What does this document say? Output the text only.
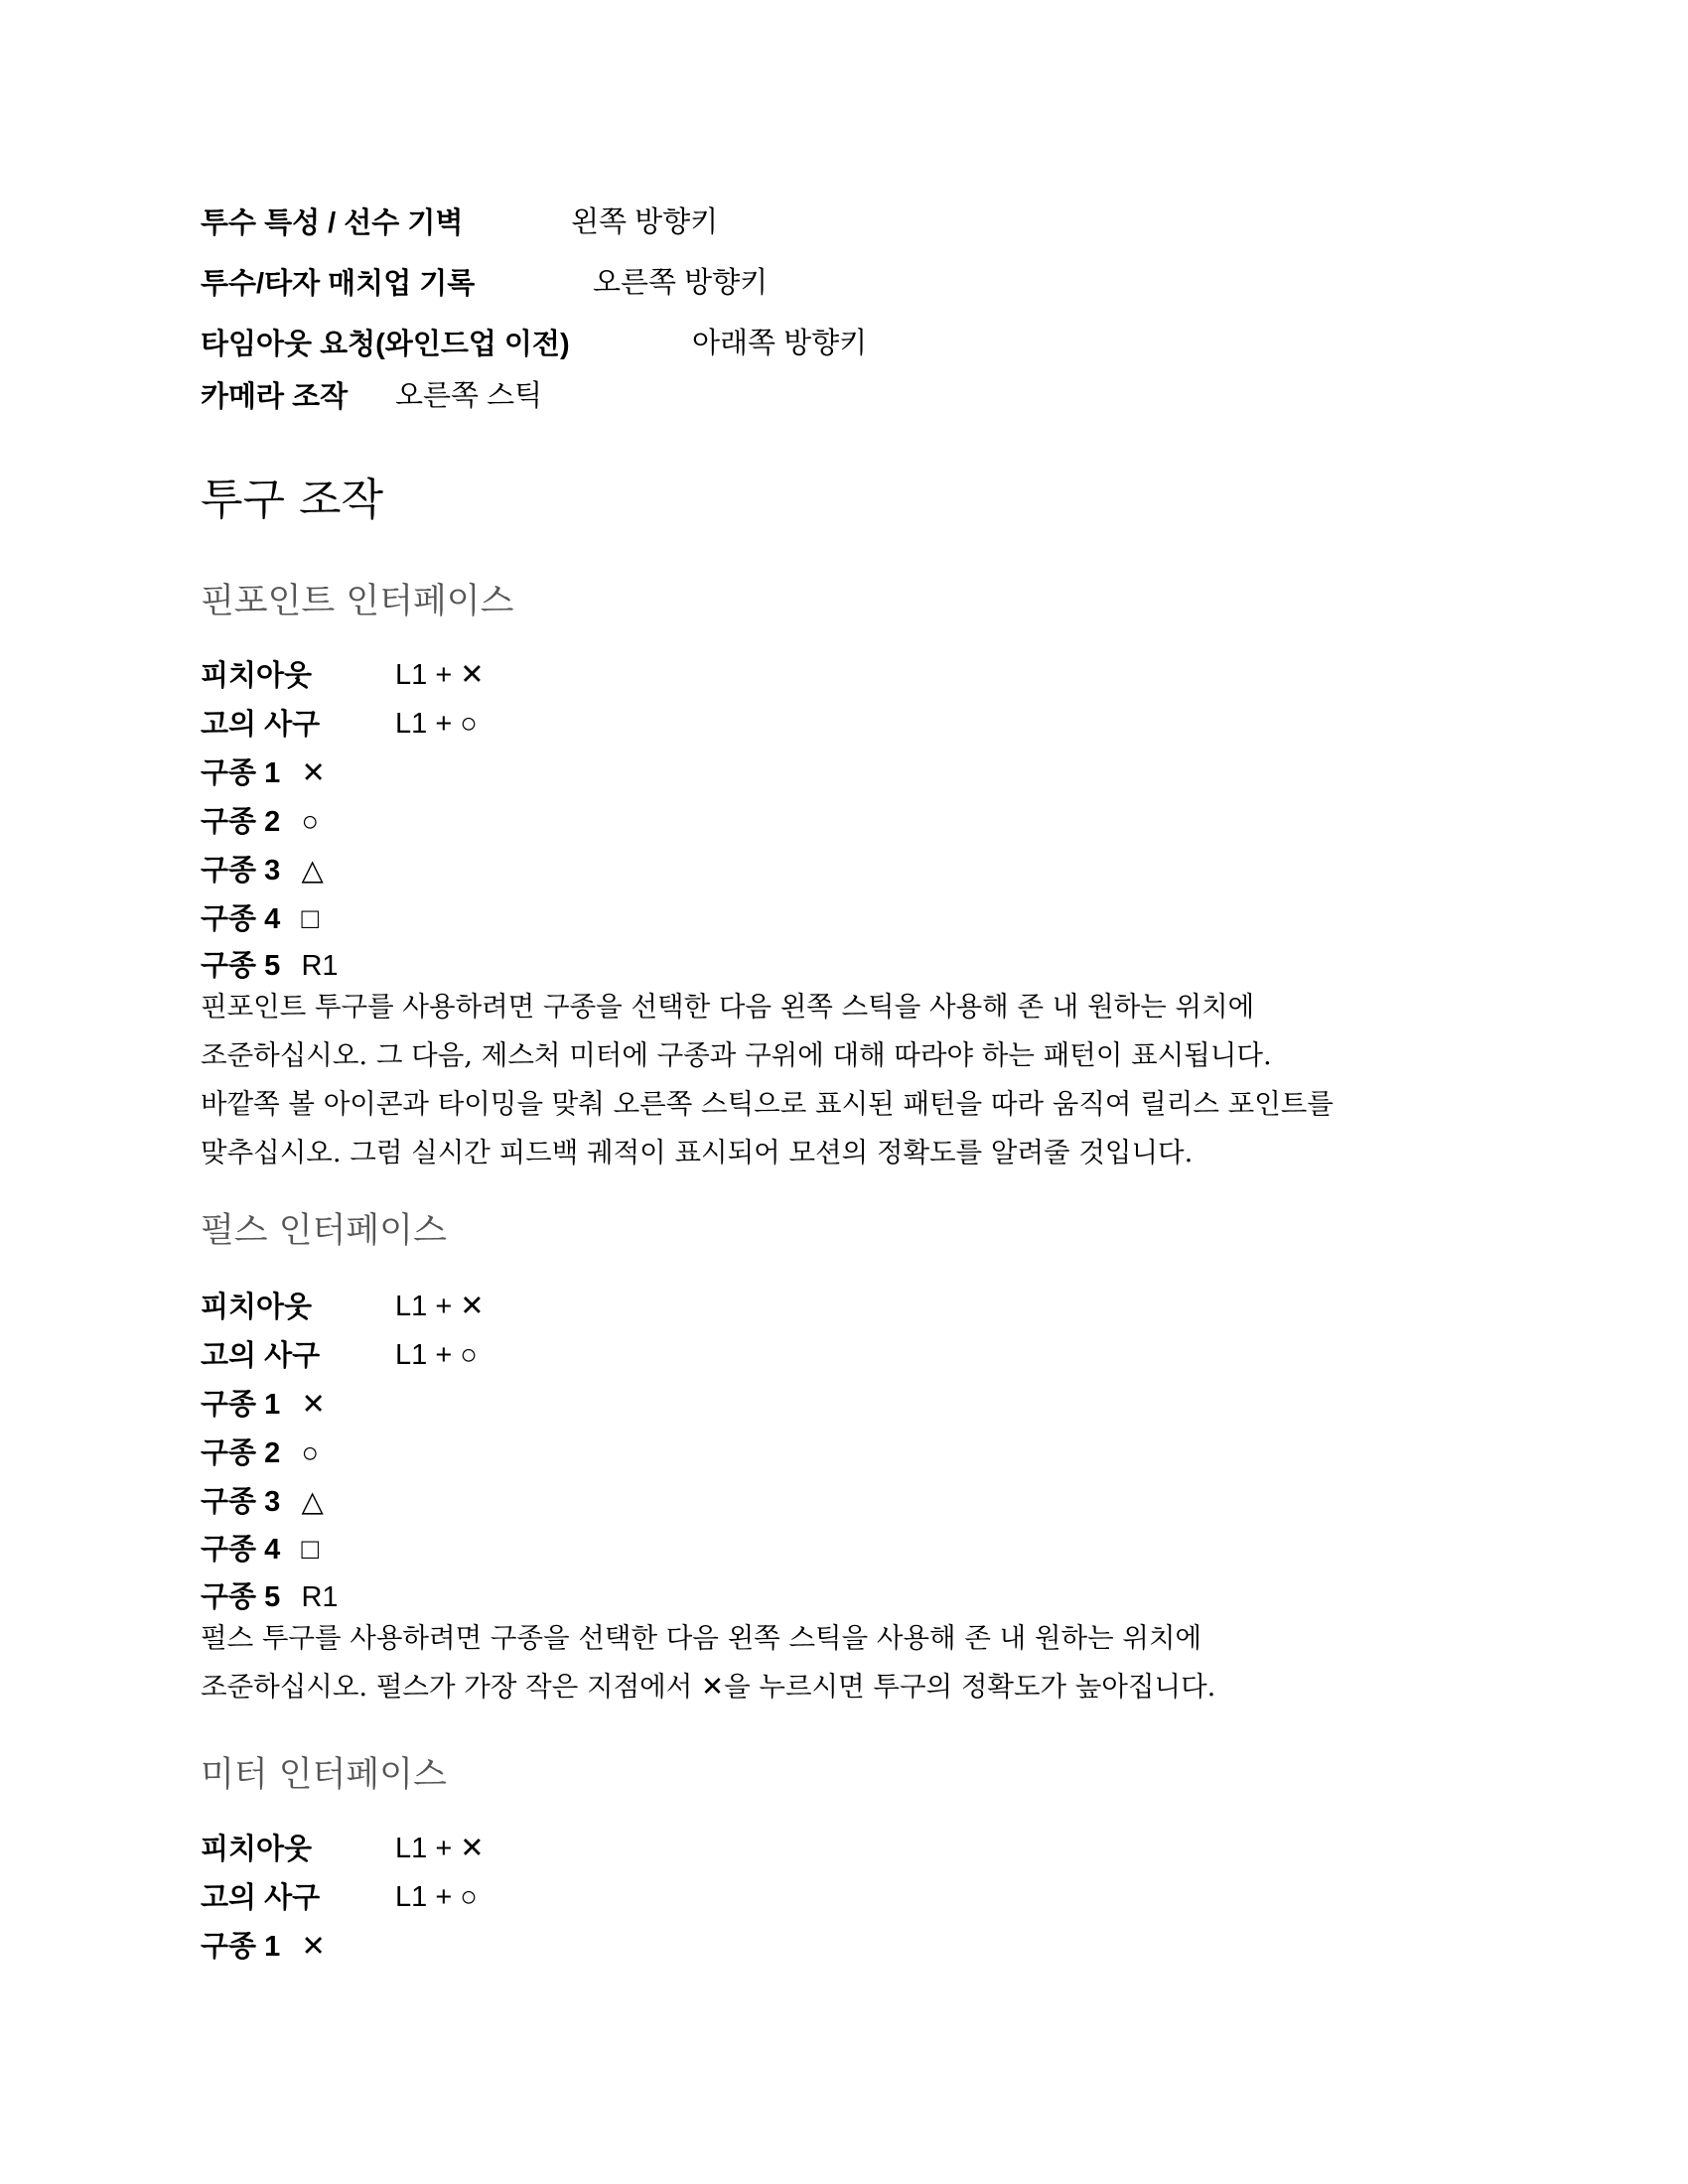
투수 특성 / 선수 기벽	왼쪽 방향키
투수/타자 매치업 기록	오른쪽 방향키
타임아웃 요청(와인드업 이전)	아래쪽 방향키
카메라 조작 오른쪽 스틱
투구 조작
핀포인트 인터페이스
피치아웃	L1 + ✕
고의 사구	L1 + ○
구종 1 ✕
구종 2 ○
구종 3 △
구종 4 □
구종 5 R1
핀포인트 투구를 사용하려면 구종을 선택한 다음 왼쪽 스틱을 사용해 존 내 원하는 위치에
조준하십시오. 그 다음, 제스처 미터에 구종과 구위에 대해 따라야 하는 패턴이 표시됩니다.
바깥쪽 볼 아이콘과 타이밍을 맞춰 오른쪽 스틱으로 표시된 패턴을 따라 움직여 릴리스 포인트를
맞추십시오. 그럼 실시간 피드백 궤적이 표시되어 모션의 정확도를 알려줄 것입니다.
펄스 인터페이스
피치아웃	L1 + ✕
고의 사구	L1 + ○
구종 1 ✕
구종 2 ○
구종 3 △
구종 4 □
구종 5 R1
펄스 투구를 사용하려면 구종을 선택한 다음 왼쪽 스틱을 사용해 존 내 원하는 위치에
조준하십시오. 펄스가 가장 작은 지점에서 ✕을 누르시면 투구의 정확도가 높아집니다.
미터 인터페이스
피치아웃	L1 + ✕
고의 사구	L1 + ○
구종 1 ✕
